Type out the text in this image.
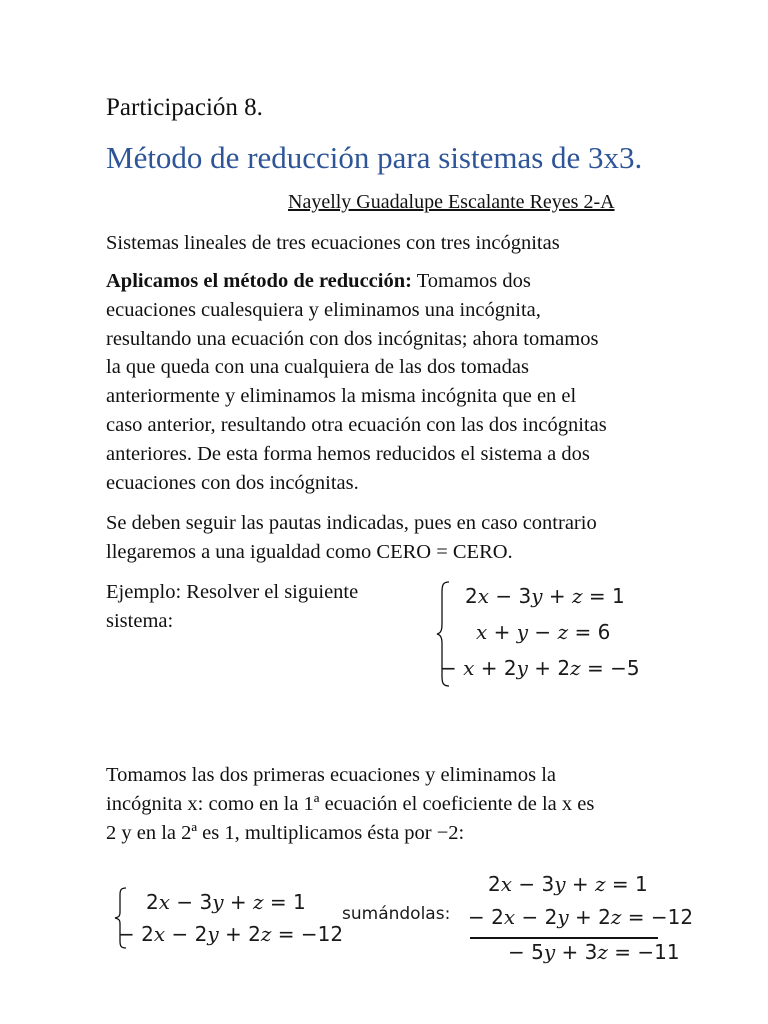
Participación 8.
Método de reducción para sistemas de 3x3.
Nayelly Guadalupe Escalante Reyes 2-A
Sistemas lineales de tres ecuaciones con tres incógnitas
Aplicamos el método de reducción: Tomamos dos
ecuaciones cualesquiera y eliminamos una incógnita,
resultando una ecuación con dos incógnitas; ahora tomamos
la que queda con una cualquiera de las dos tomadas
anteriormente y eliminamos la misma incógnita que en el
caso anterior, resultando otra ecuación con las dos incógnitas
anteriores. De esta forma hemos reducidos el sistema a dos
ecuaciones con dos incógnitas.
Se deben seguir las pautas indicadas, pues en caso contrario
llegaremos a una igualdad como CERO = CERO.
Ejemplo: Resolver el siguiente
sistema:
2x − 3y + z = 1
x + y − z = 6
− x + 2y + 2z = −5
Tomamos las dos primeras ecuaciones y eliminamos la
incógnita x: como en la 1ª ecuación el coeficiente de la x es
2 y en la 2ª es 1, multiplicamos ésta por −2:
2x − 3y + z = 1
− 2x − 2y + 2z = −12
sumándolas:
2x − 3y + z = 1
− 2x − 2y + 2z = −12
− 5y + 3z = −11
